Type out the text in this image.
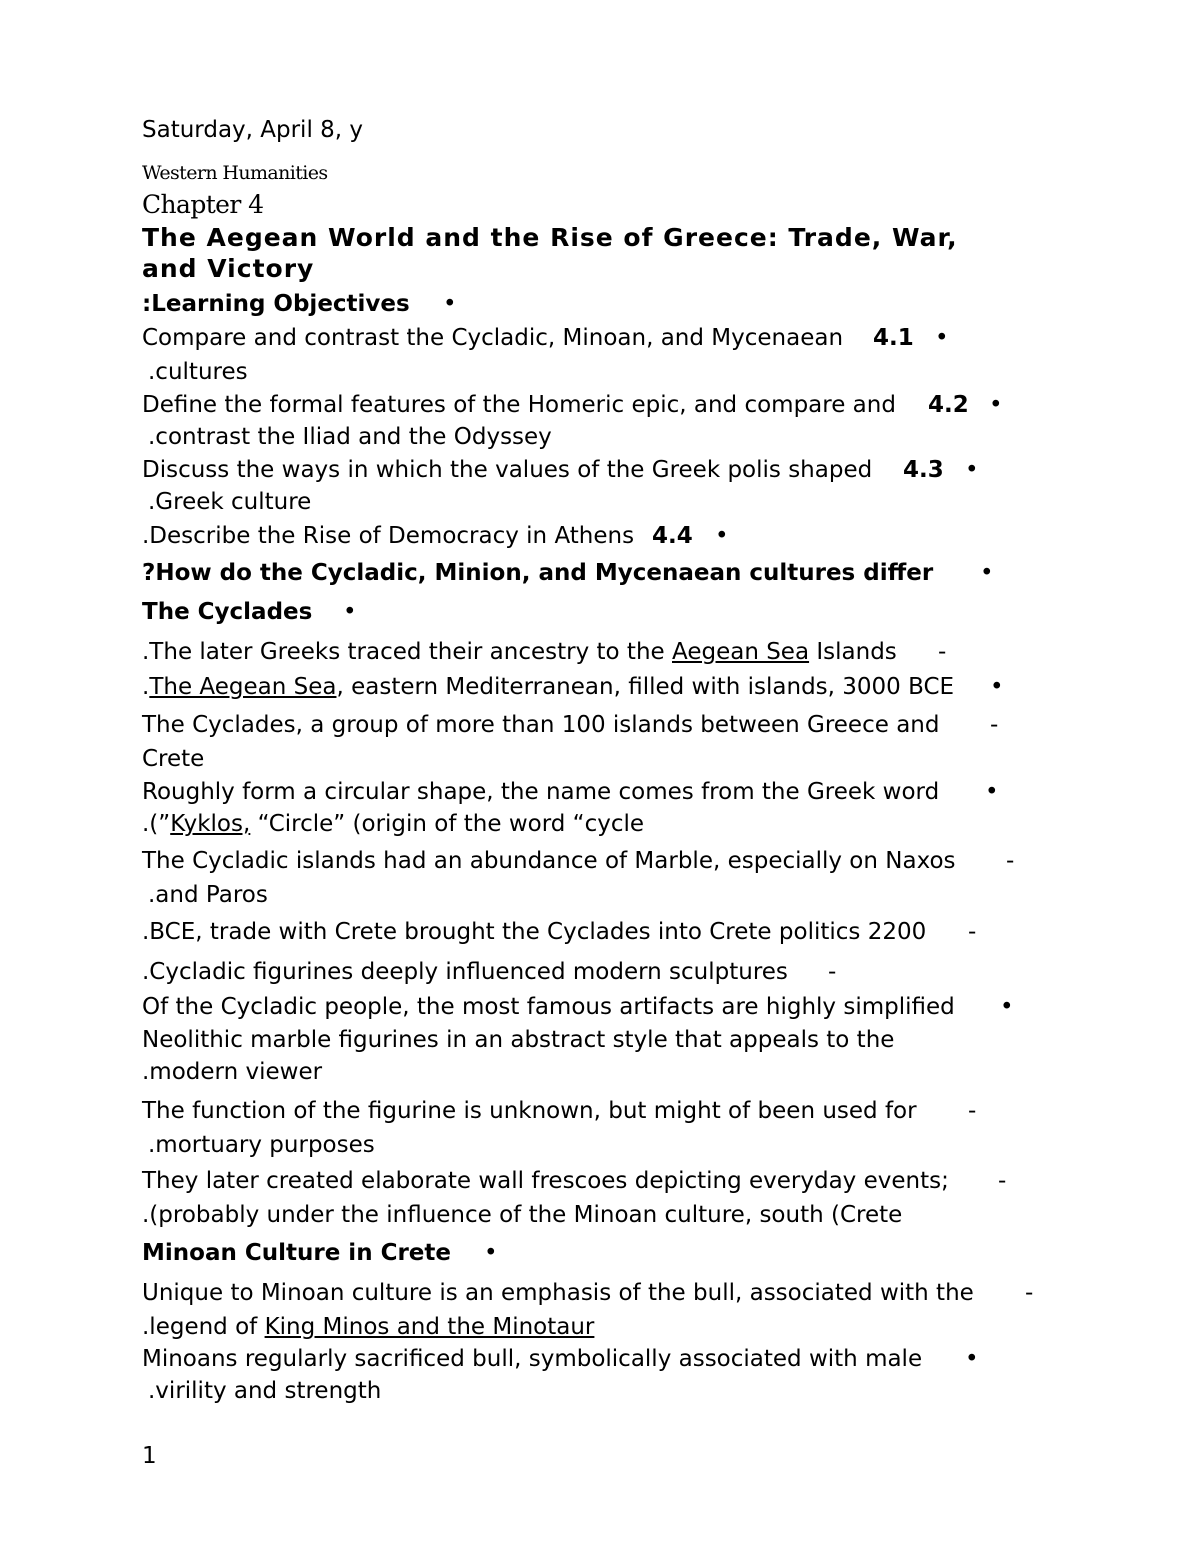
Saturday, April 8, y
Western Humanities
Chapter 4
The Aegean World and the Rise of Greece: Trade, War,
and Victory
:Learning Objectives •
Compare and contrast the Cycladic, Minoan, and Mycenaean 4.1 •
.cultures
Define the formal features of the Homeric epic, and compare and 4.2 •
.contrast the Iliad and the Odyssey
Discuss the ways in which the values of the Greek polis shaped 4.3 •
.Greek culture
.Describe the Rise of Democracy in Athens 4.4 •
?How do the Cycladic, Minion, and Mycenaean cultures differ •
The Cyclades •
.The later Greeks traced their ancestry to the Aegean Sea Islands -
.The Aegean Sea, eastern Mediterranean, filled with islands, 3000 BCE •
The Cyclades, a group of more than 100 islands between Greece and -
Crete
Roughly form a circular shape, the name comes from the Greek word •
.(”Kyklos, “Circle” (origin of the word “cycle
The Cycladic islands had an abundance of Marble, especially on Naxos -
.and Paros
.BCE, trade with Crete brought the Cyclades into Crete politics 2200 -
.Cycladic figurines deeply influenced modern sculptures -
Of the Cycladic people, the most famous artifacts are highly simplified •
Neolithic marble figurines in an abstract style that appeals to the
.modern viewer
The function of the figurine is unknown, but might of been used for -
.mortuary purposes
They later created elaborate wall frescoes depicting everyday events; -
.(probably under the influence of the Minoan culture, south (Crete
Minoan Culture in Crete •
Unique to Minoan culture is an emphasis of the bull, associated with the -
.legend of King Minos and the Minotaur
Minoans regularly sacrificed bull, symbolically associated with male •
.virility and strength
1
